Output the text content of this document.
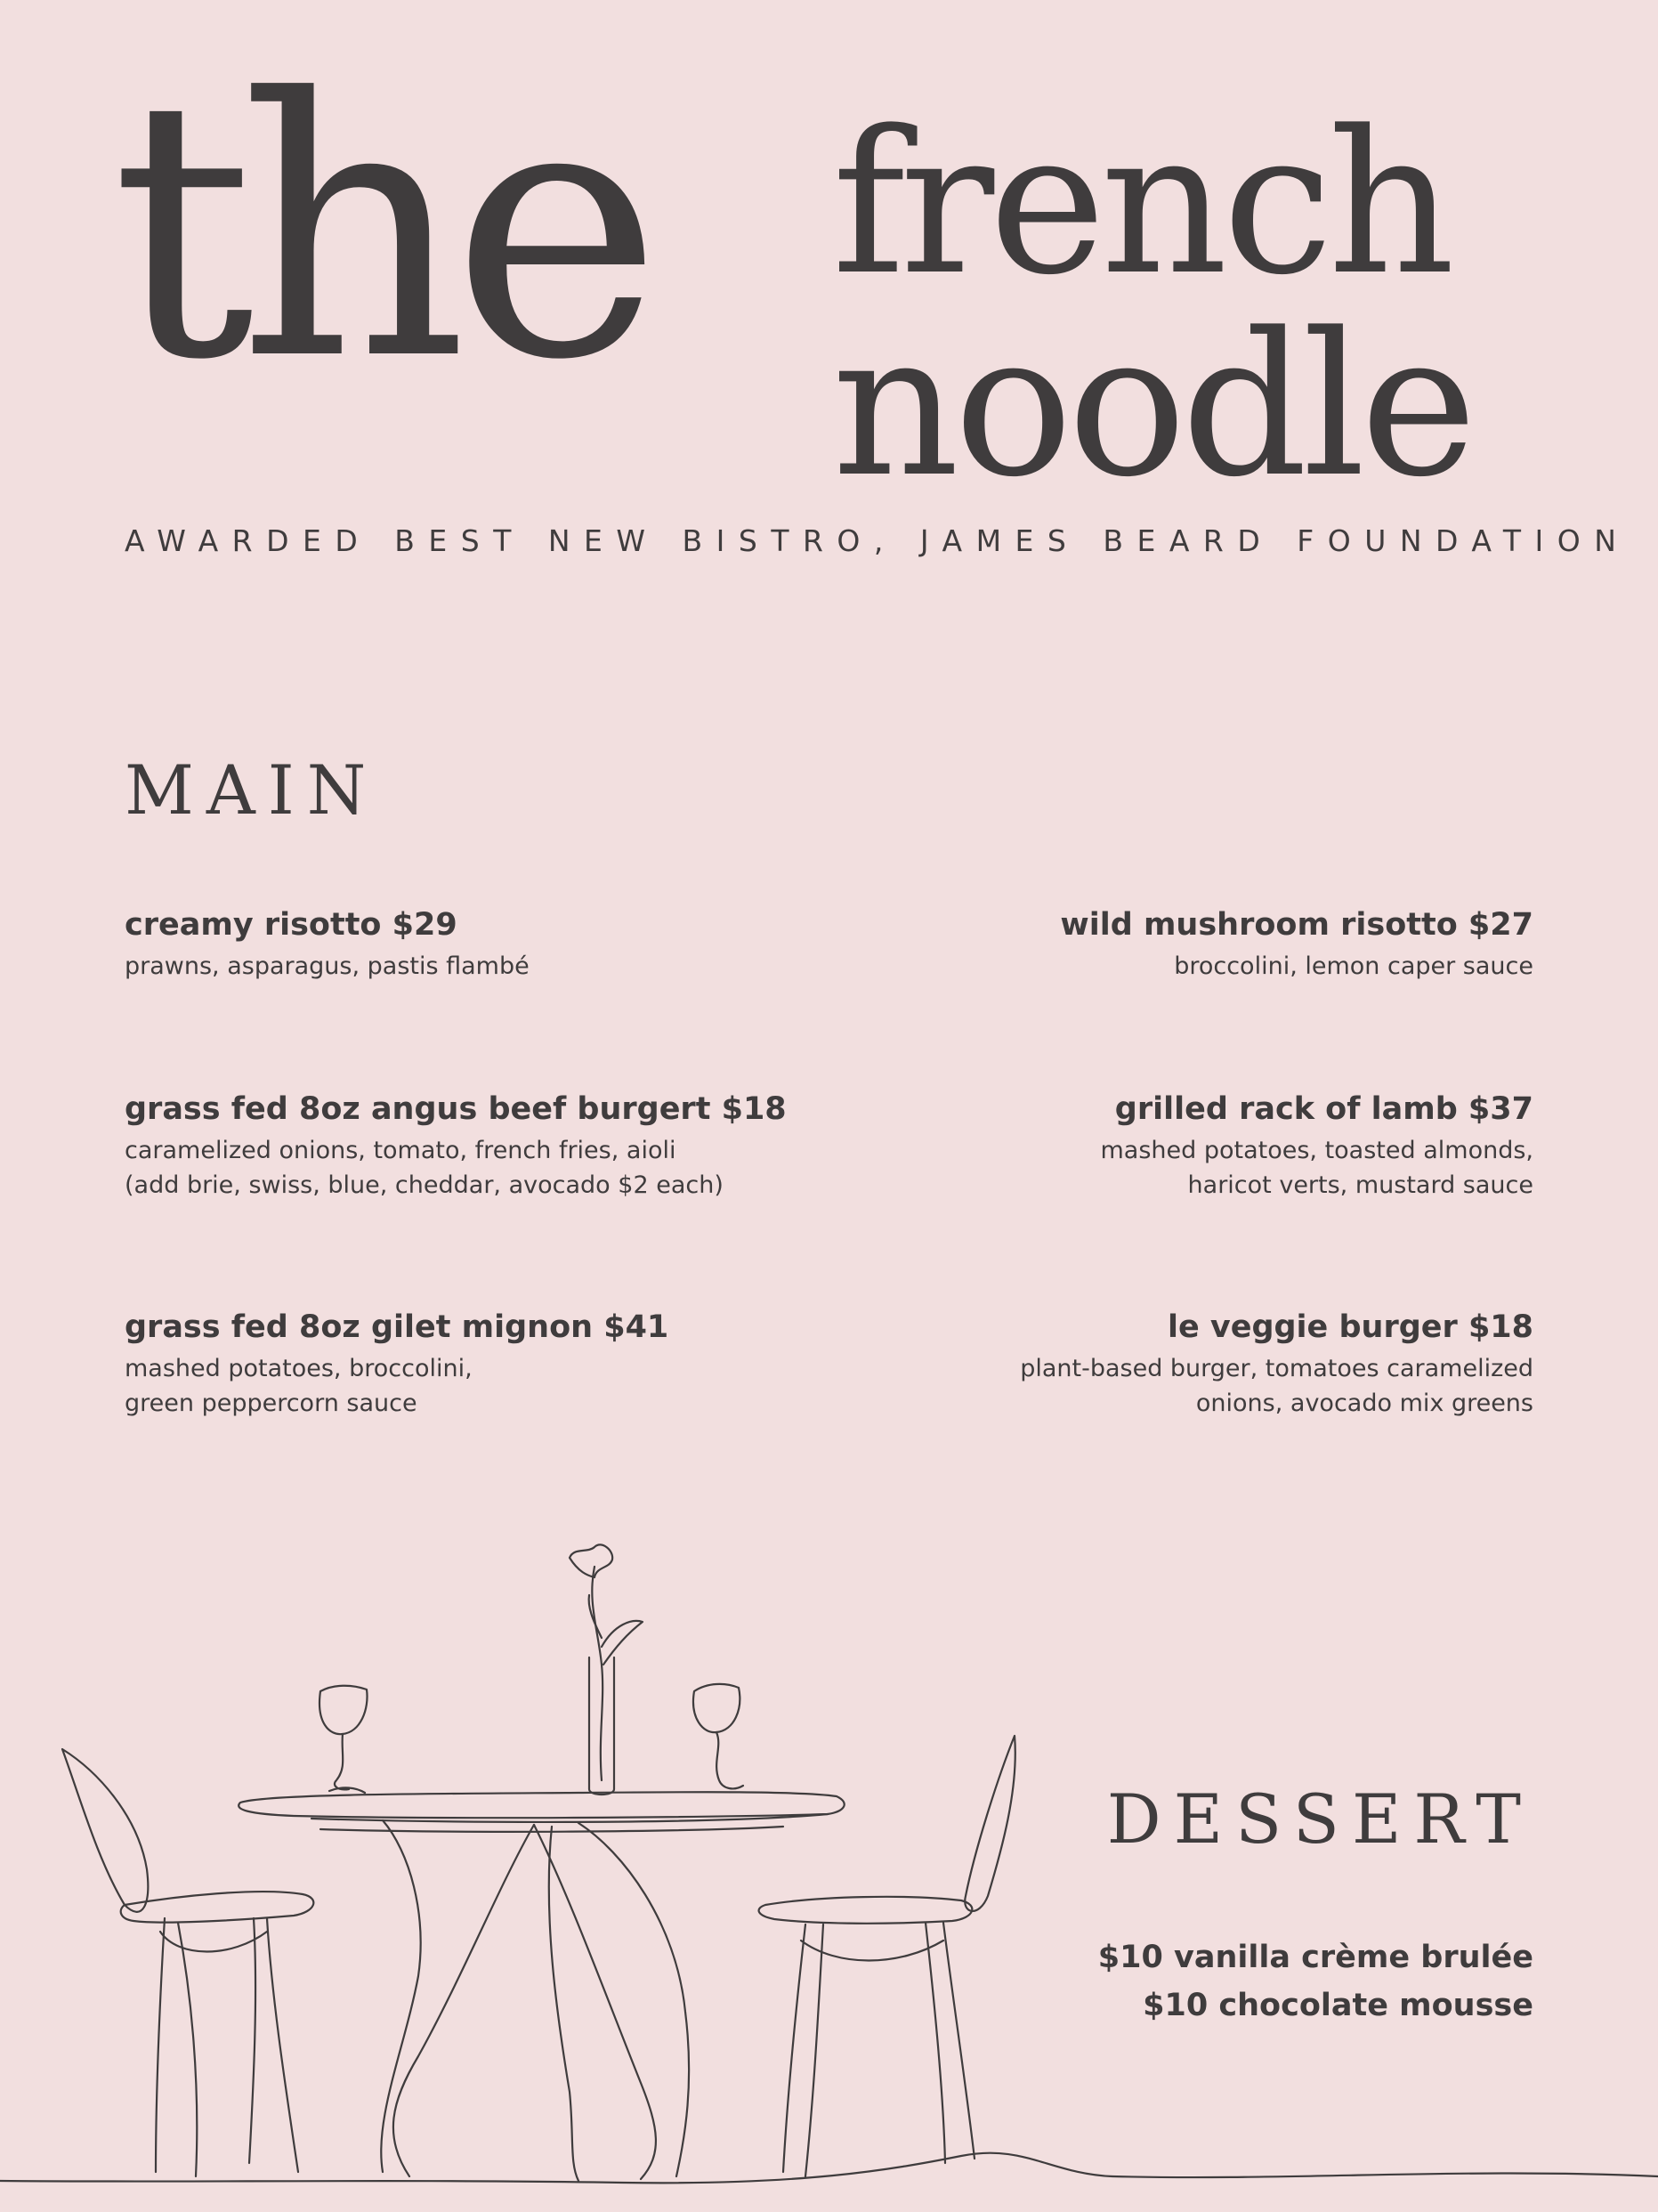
the french
noodle
AWARDED BEST NEW BISTRO, JAMES BEARD FOUNDATION
MAIN
creamy risotto $29
prawns, asparagus, pastis flambé
grass fed 8oz angus beef burgert $18
caramelized onions, tomato, french fries, aioli
(add brie, swiss, blue, cheddar, avocado $2 each)
grass fed 8oz gilet mignon $41
mashed potatoes, broccolini,
green peppercorn sauce
wild mushroom risotto $27
broccolini, lemon caper sauce
grilled rack of lamb $37
mashed potatoes, toasted almonds,
haricot verts, mustard sauce
le veggie burger $18
plant-based burger, tomatoes caramelized
onions, avocado mix greens
DESSERT
$10 vanilla crème brulée
$10 chocolate mousse
